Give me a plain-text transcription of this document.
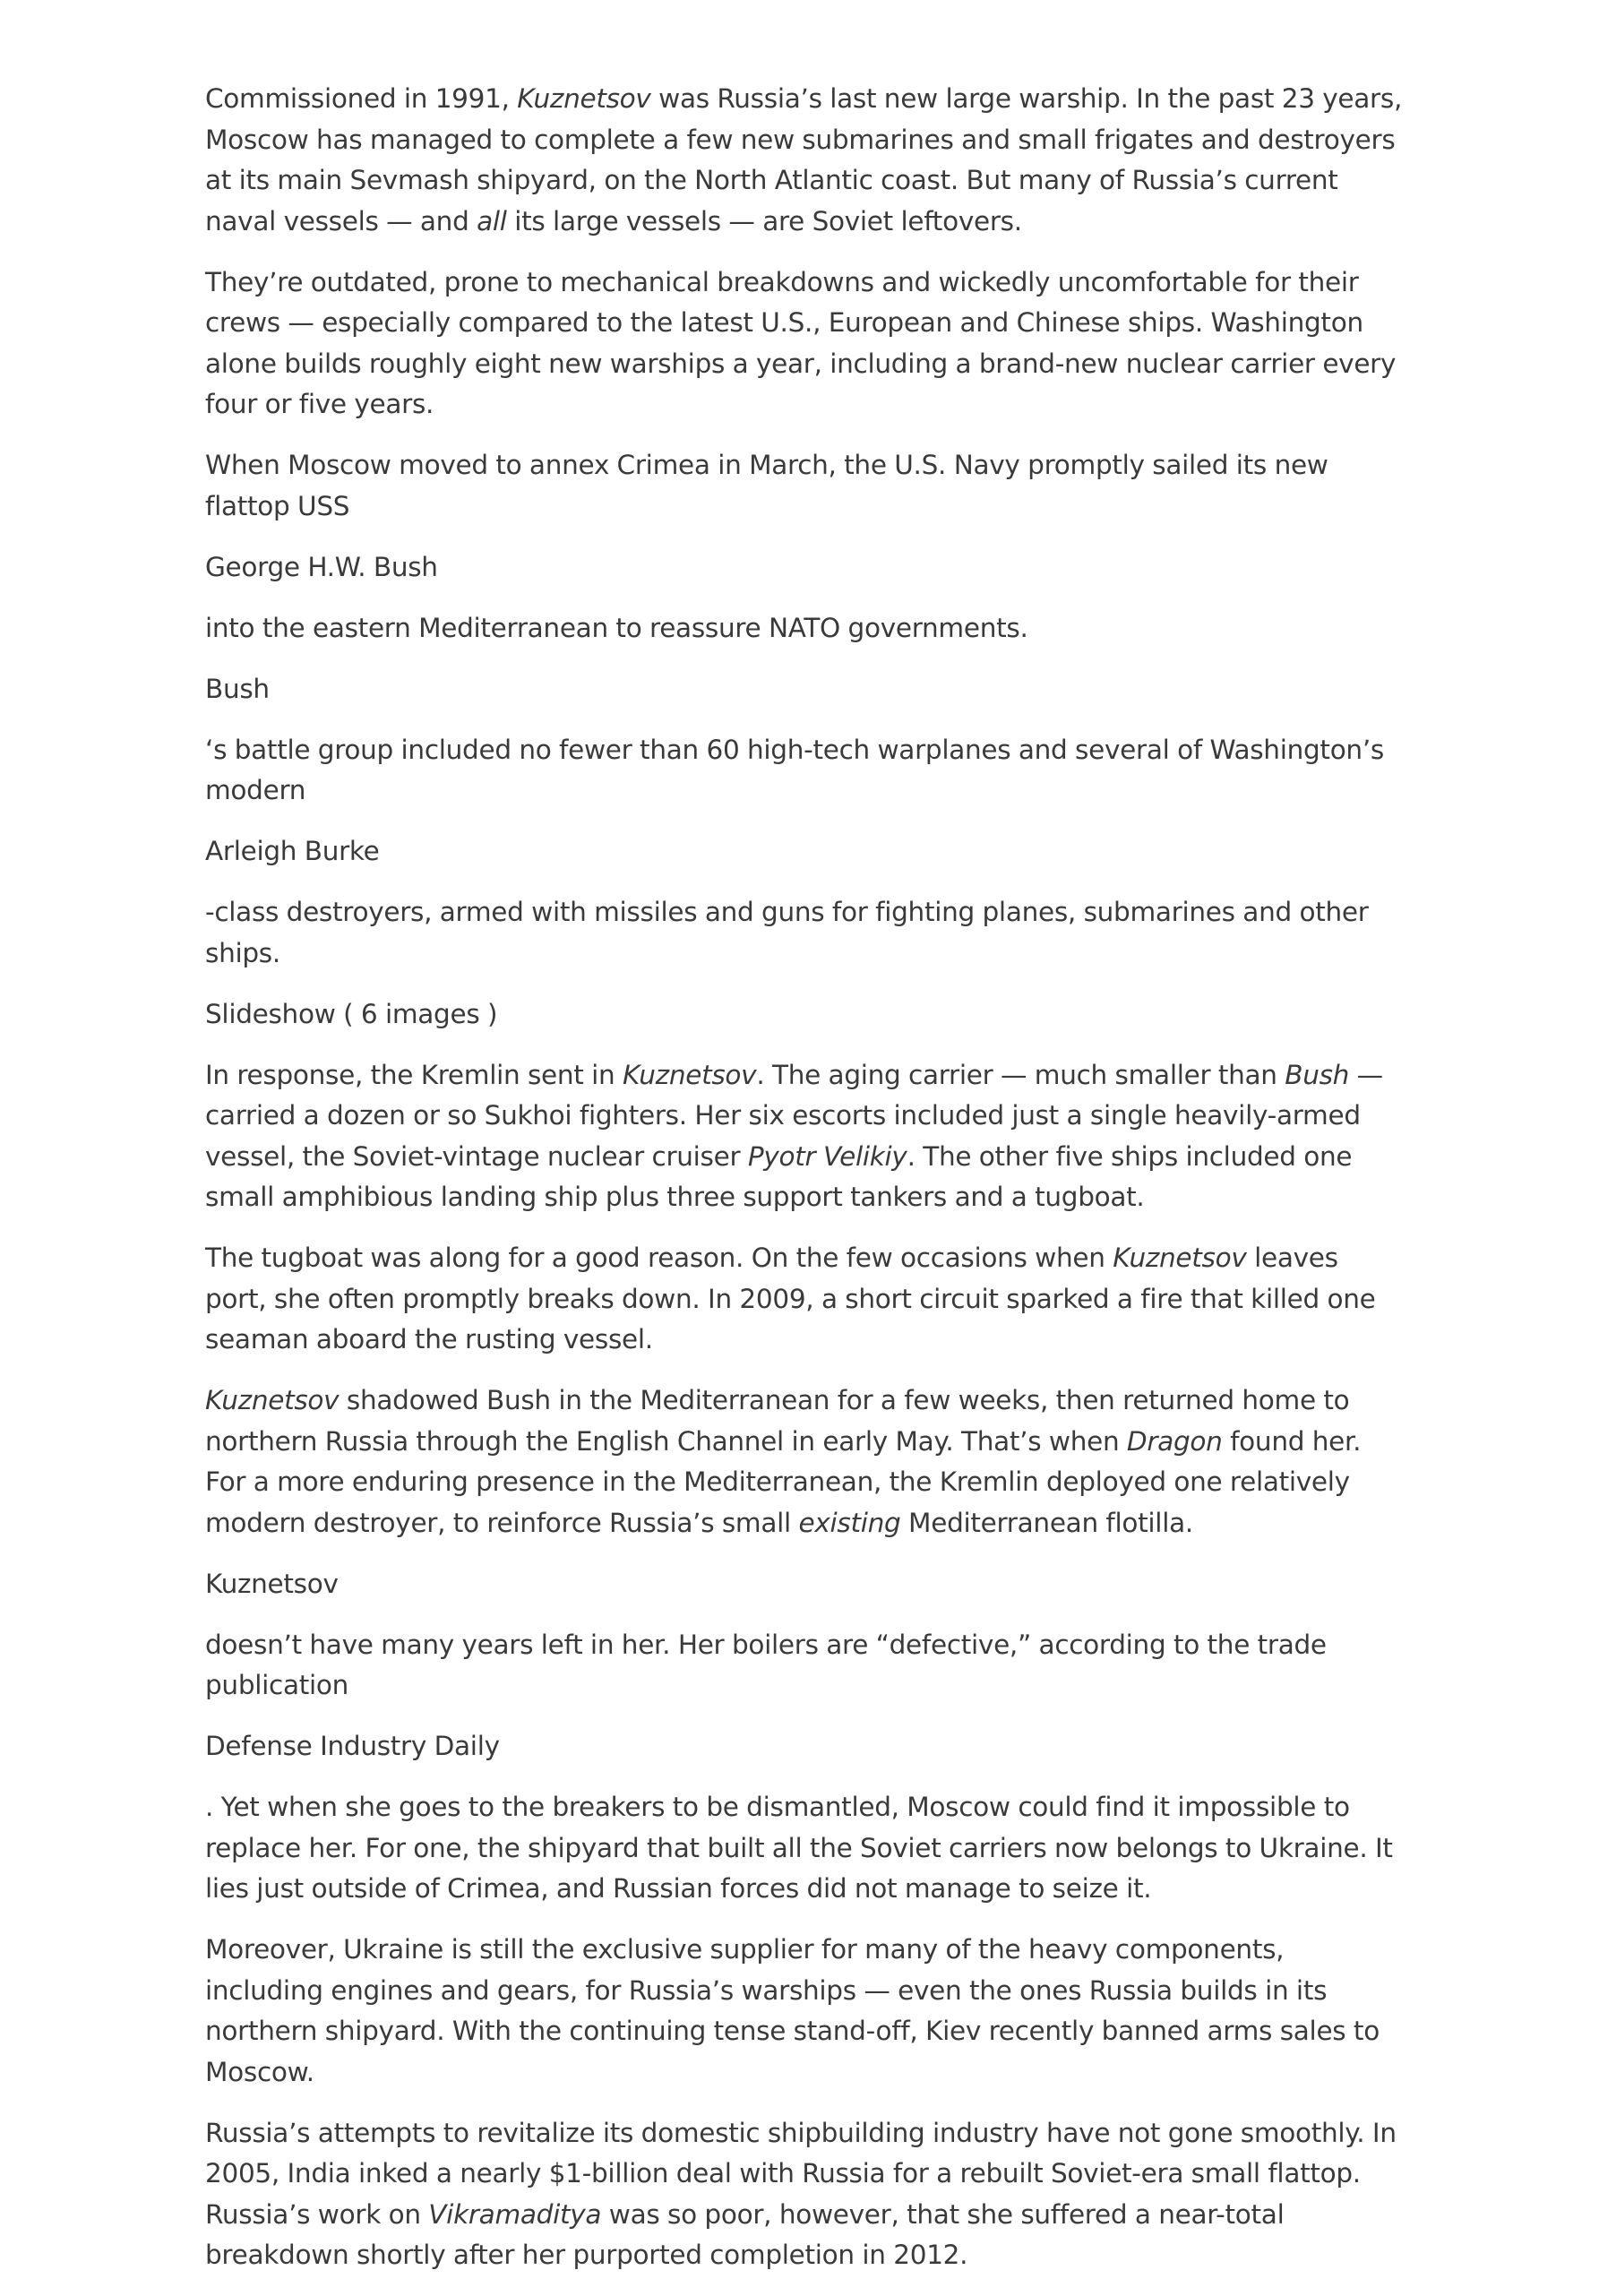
Commissioned in 1991, Kuznetsov was Russia’s last new large warship. In the past 23 years, Moscow has managed to complete a few new submarines and small frigates and destroyers at its main Sevmash shipyard, on the North Atlantic coast. But many of Russia’s current naval vessels — and all its large vessels — are Soviet leftovers.

They’re outdated, prone to mechanical breakdowns and wickedly uncomfortable for their crews — especially compared to the latest U.S., European and Chinese ships. Washington alone builds roughly eight new warships a year, including a brand-new nuclear carrier every four or five years.

When Moscow moved to annex Crimea in March, the U.S. Navy promptly sailed its new flattop USS

George H.W. Bush

into the eastern Mediterranean to reassure NATO governments.

Bush

‘s battle group included no fewer than 60 high-tech warplanes and several of Washington’s modern

Arleigh Burke

-class destroyers, armed with missiles and guns for fighting planes, submarines and other ships.

Slideshow ( 6 images )

In response, the Kremlin sent in Kuznetsov. The aging carrier — much smaller than Bush — carried a dozen or so Sukhoi fighters. Her six escorts included just a single heavily-armed vessel, the Soviet-vintage nuclear cruiser Pyotr Velikiy. The other five ships included one small amphibious landing ship plus three support tankers and a tugboat.

The tugboat was along for a good reason. On the few occasions when Kuznetsov leaves port, she often promptly breaks down. In 2009, a short circuit sparked a fire that killed one seaman aboard the rusting vessel.

Kuznetsov shadowed Bush in the Mediterranean for a few weeks, then returned home to northern Russia through the English Channel in early May. That’s when Dragon found her. For a more enduring presence in the Mediterranean, the Kremlin deployed one relatively modern destroyer, to reinforce Russia’s small existing Mediterranean flotilla.

Kuznetsov

doesn’t have many years left in her. Her boilers are “defective,” according to the trade publication

Defense Industry Daily

. Yet when she goes to the breakers to be dismantled, Moscow could find it impossible to replace her. For one, the shipyard that built all the Soviet carriers now belongs to Ukraine. It lies just outside of Crimea, and Russian forces did not manage to seize it.

Moreover, Ukraine is still the exclusive supplier for many of the heavy components, including engines and gears, for Russia’s warships — even the ones Russia builds in its northern shipyard. With the continuing tense stand-off, Kiev recently banned arms sales to Moscow.

Russia’s attempts to revitalize its domestic shipbuilding industry have not gone smoothly. In 2005, India inked a nearly $1-billion deal with Russia for a rebuilt Soviet-era small flattop. Russia’s work on Vikramaditya was so poor, however, that she suffered a near-total breakdown shortly after her purported completion in 2012.
